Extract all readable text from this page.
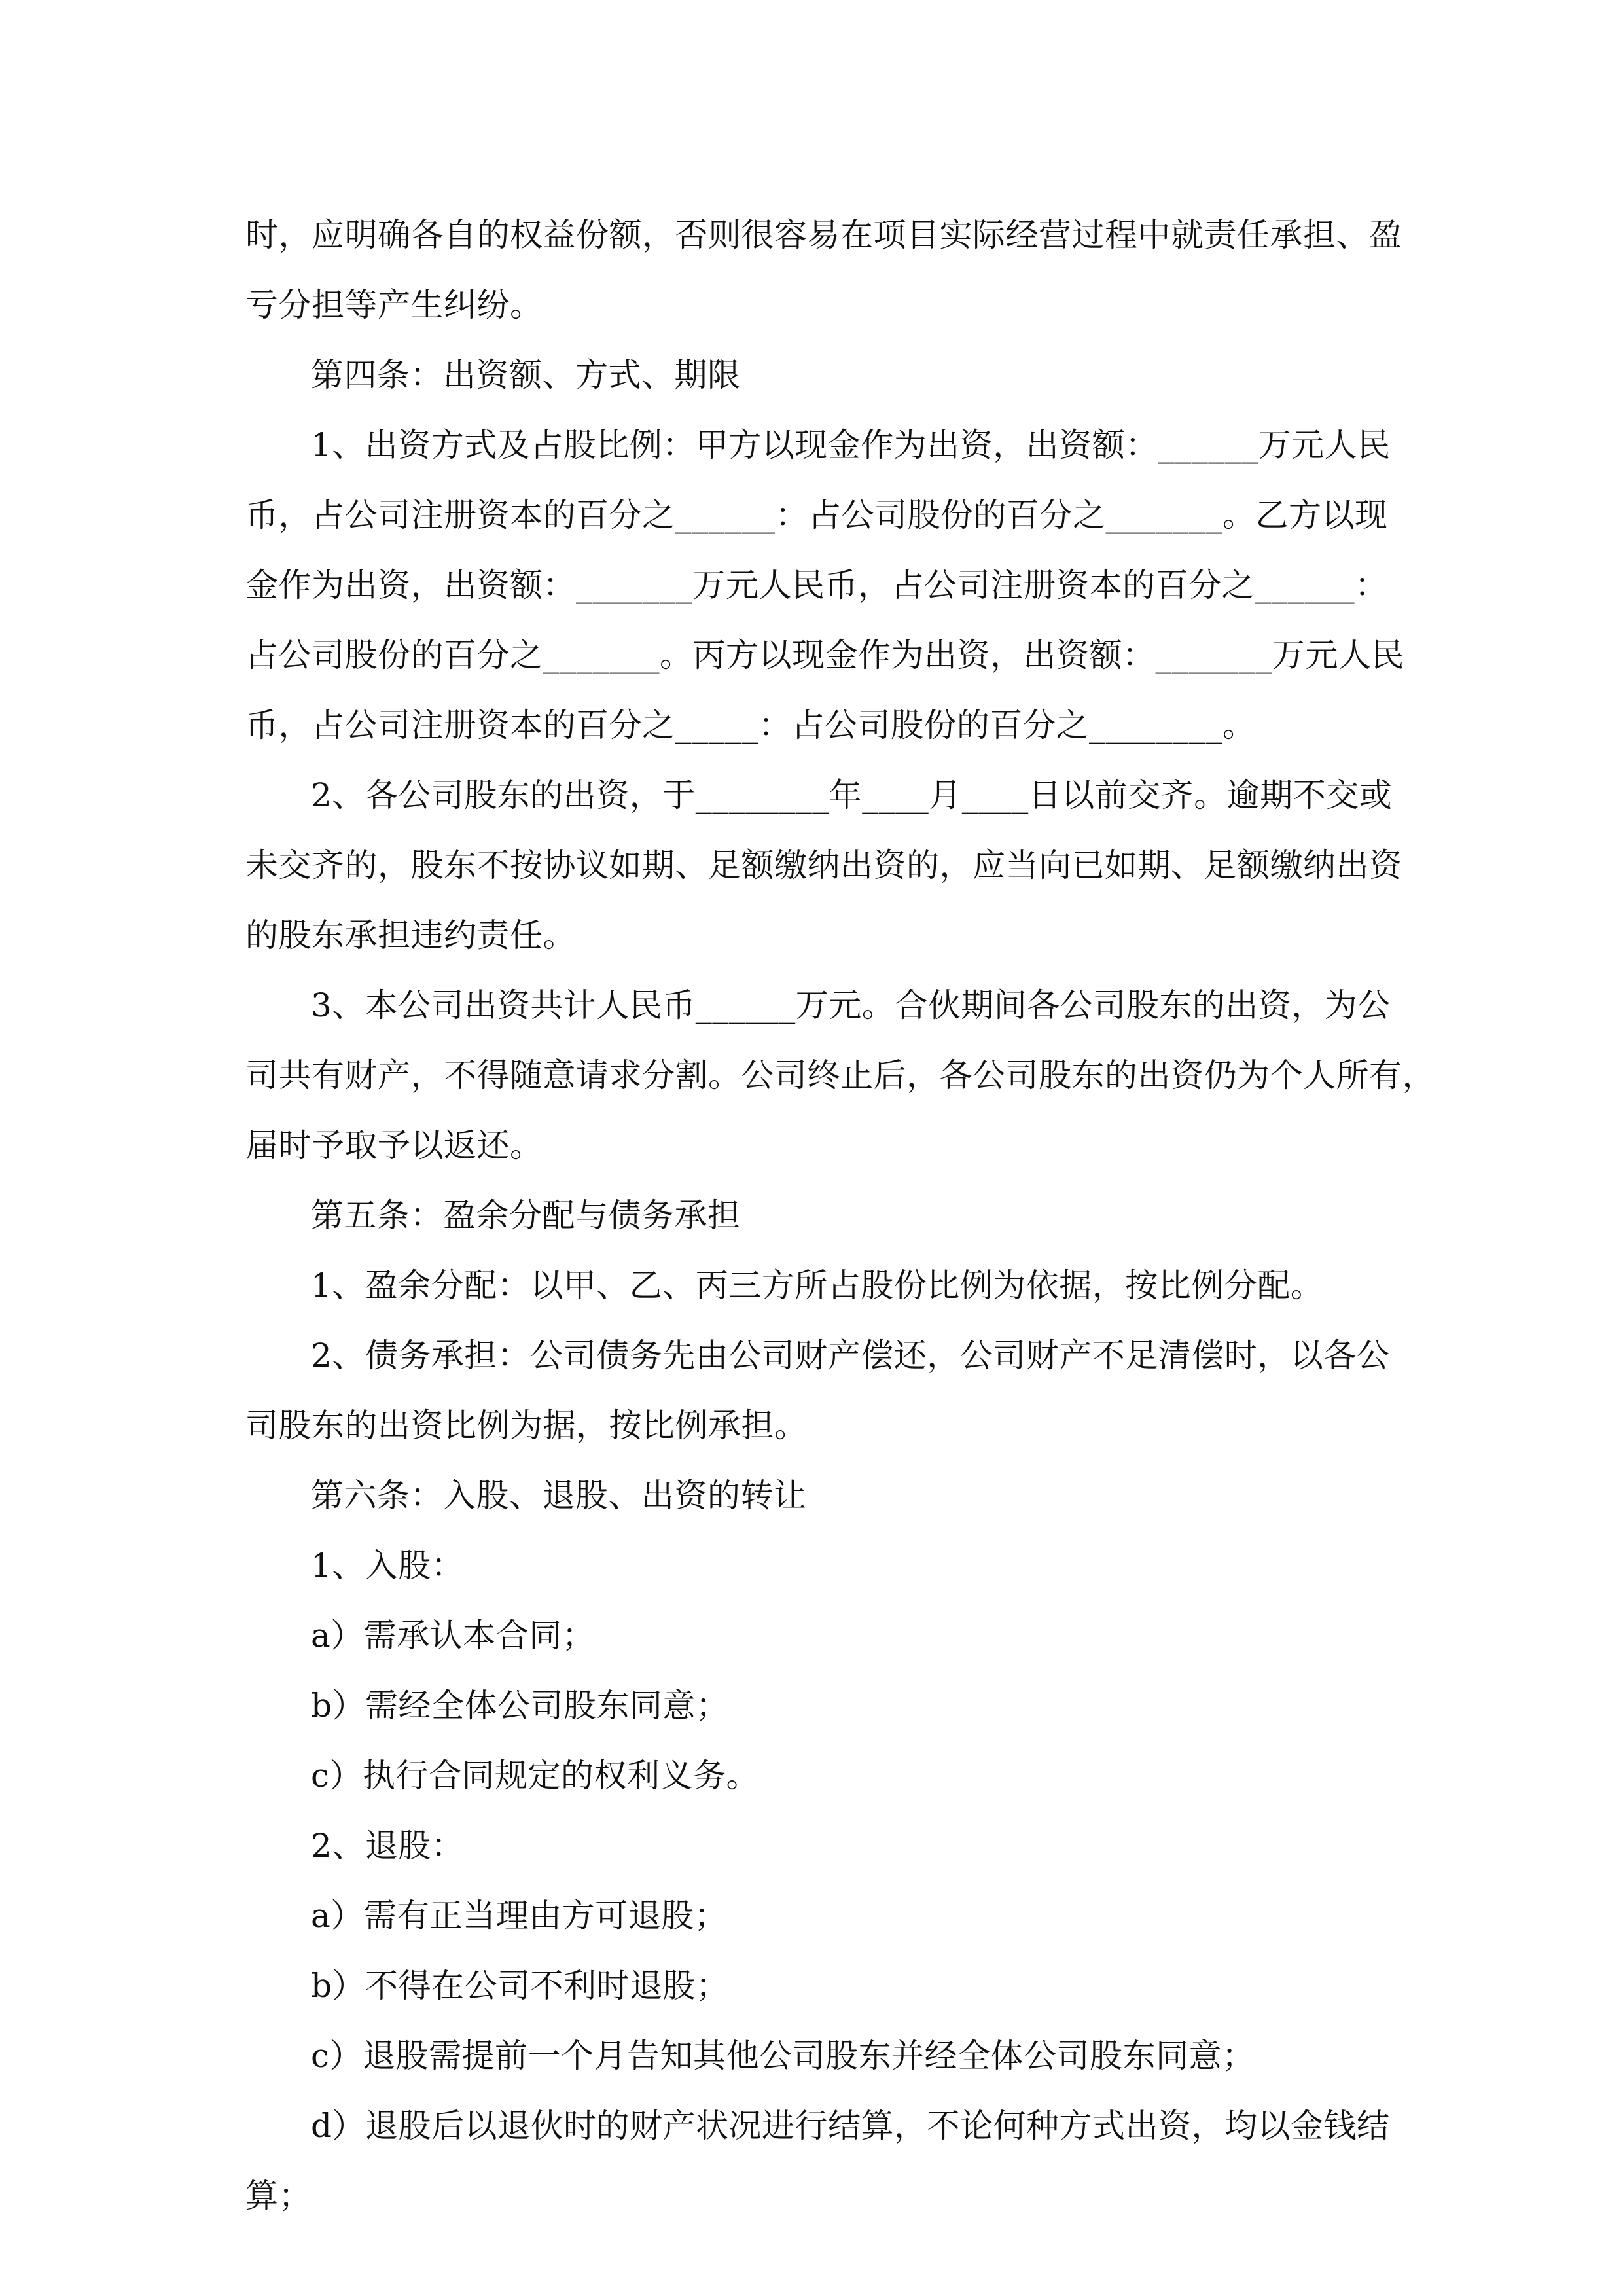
时，应明确各自的权益份额，否则很容易在项目实际经营过程中就责任承担、盈
亏分担等产生纠纷。
第四条：出资额、方式、期限
1、出资方式及占股比例：甲方以现金作为出资，出资额：______万元人民
币，占公司注册资本的百分之______：占公司股份的百分之_______。乙方以现
金作为出资，出资额：_______万元人民币，占公司注册资本的百分之______：
占公司股份的百分之_______。丙方以现金作为出资，出资额：_______万元人民
币，占公司注册资本的百分之_____：占公司股份的百分之________。
2、各公司股东的出资，于________年____月____日以前交齐。逾期不交或
未交齐的，股东不按协议如期、足额缴纳出资的，应当向已如期、足额缴纳出资
的股东承担违约责任。
3、本公司出资共计人民币______万元。合伙期间各公司股东的出资，为公
司共有财产，不得随意请求分割。公司终止后，各公司股东的出资仍为个人所有，
届时予取予以返还。
第五条：盈余分配与债务承担
1、盈余分配：以甲、乙、丙三方所占股份比例为依据，按比例分配。
2、债务承担：公司债务先由公司财产偿还，公司财产不足清偿时，以各公
司股东的出资比例为据，按比例承担。
第六条：入股、退股、出资的转让
1、入股：
a）需承认本合同；
b）需经全体公司股东同意；
c）执行合同规定的权利义务。
2、退股：
a）需有正当理由方可退股；
b）不得在公司不利时退股；
c）退股需提前一个月告知其他公司股东并经全体公司股东同意；
d）退股后以退伙时的财产状况进行结算，不论何种方式出资，均以金钱结
算；
